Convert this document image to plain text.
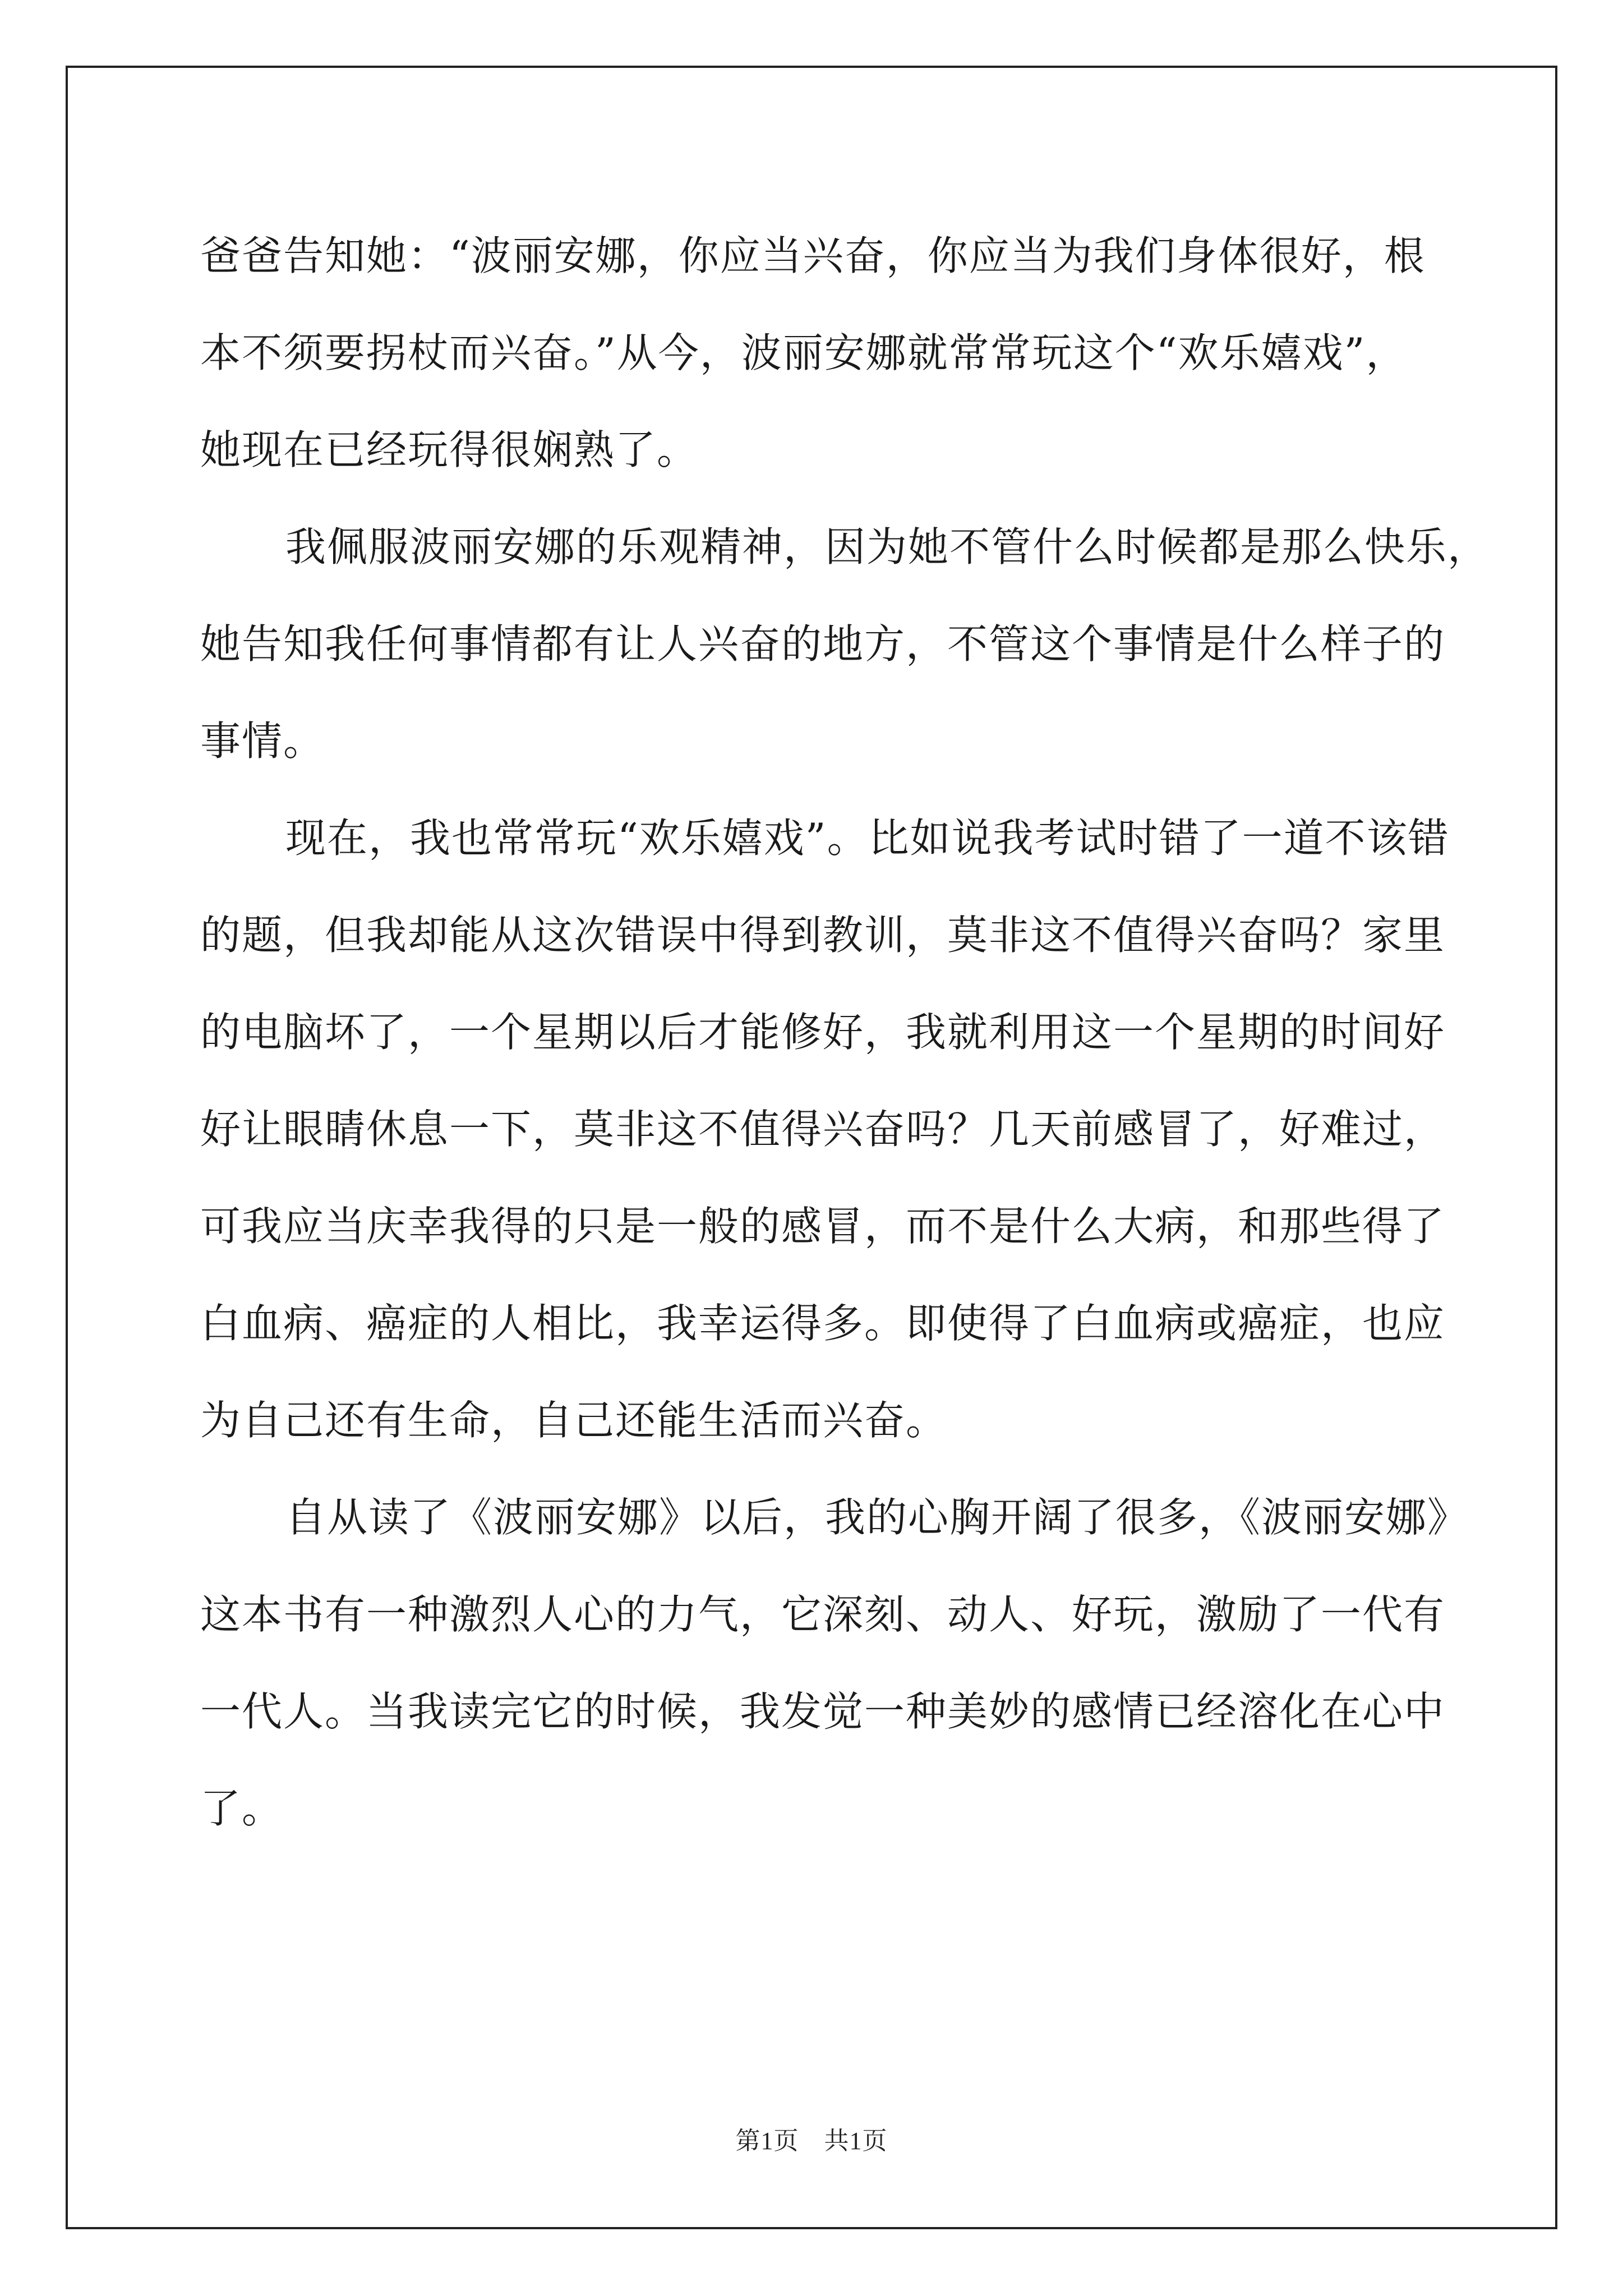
爸爸告知她：“波丽安娜，你应当兴奋，你应当为我们身体很好，根
本不须要拐杖而兴奋。”从今，波丽安娜就常常玩这个“欢乐嬉戏”，
她现在已经玩得很娴熟了。

我佩服波丽安娜的乐观精神，因为她不管什么时候都是那么快乐，
她告知我任何事情都有让人兴奋的地方，不管这个事情是什么样子的
事情。

现在，我也常常玩“欢乐嬉戏”。比如说我考试时错了一道不该错
的题，但我却能从这次错误中得到教训，莫非这不值得兴奋吗？家里
的电脑坏了，一个星期以后才能修好，我就利用这一个星期的时间好
好让眼睛休息一下，莫非这不值得兴奋吗？几天前感冒了，好难过，
可我应当庆幸我得的只是一般的感冒，而不是什么大病，和那些得了
白血病、癌症的人相比，我幸运得多。即使得了白血病或癌症，也应
为自己还有生命，自己还能生活而兴奋。

自从读了《波丽安娜》以后，我的心胸开阔了很多，《波丽安娜》
这本书有一种激烈人心的力气，它深刻、动人、好玩，激励了一代有
一代人。当我读完它的时候，我发觉一种美妙的感情已经溶化在心中
了。

第1页　共1页
